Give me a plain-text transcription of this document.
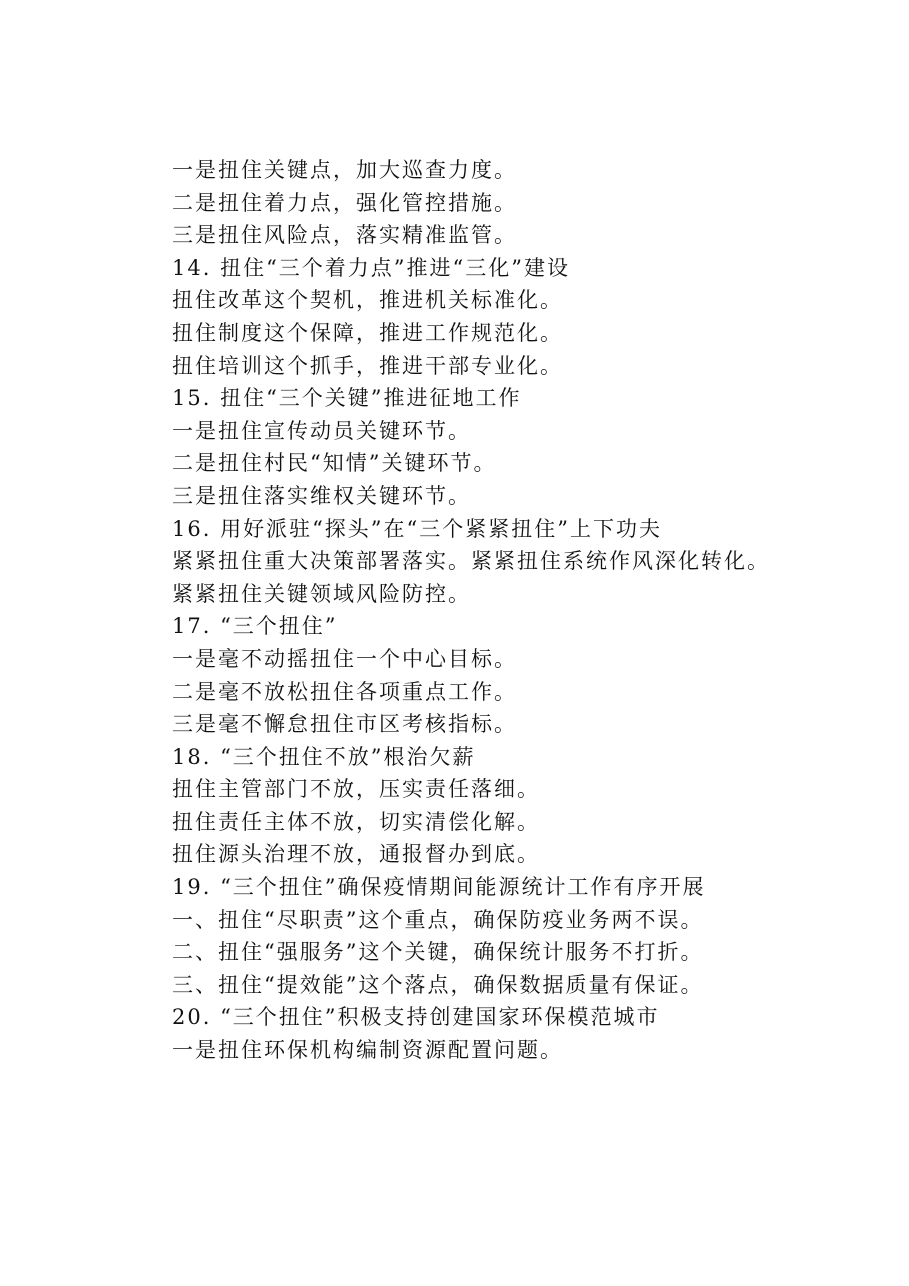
一是扭住关键点，加大巡查力度。
二是扭住着力点，强化管控措施。
三是扭住风险点，落实精准监管。
14. 扭住“三个着力点”推进“三化”建设
扭住改革这个契机，推进机关标准化。
扭住制度这个保障，推进工作规范化。
扭住培训这个抓手，推进干部专业化。
15. 扭住“三个关键”推进征地工作
一是扭住宣传动员关键环节。
二是扭住村民“知情”关键环节。
三是扭住落实维权关键环节。
16. 用好派驻“探头”在“三个紧紧扭住”上下功夫
紧紧扭住重大决策部署落实。紧紧扭住系统作风深化转化。
紧紧扭住关键领域风险防控。
17. “三个扭住”
一是毫不动摇扭住一个中心目标。
二是毫不放松扭住各项重点工作。
三是毫不懈怠扭住市区考核指标。
18. “三个扭住不放”根治欠薪
扭住主管部门不放，压实责任落细。
扭住责任主体不放，切实清偿化解。
扭住源头治理不放，通报督办到底。
19. “三个扭住”确保疫情期间能源统计工作有序开展
一、扭住“尽职责”这个重点，确保防疫业务两不误。
二、扭住“强服务”这个关键，确保统计服务不打折。
三、扭住“提效能”这个落点，确保数据质量有保证。
20. “三个扭住”积极支持创建国家环保模范城市
一是扭住环保机构编制资源配置问题。
